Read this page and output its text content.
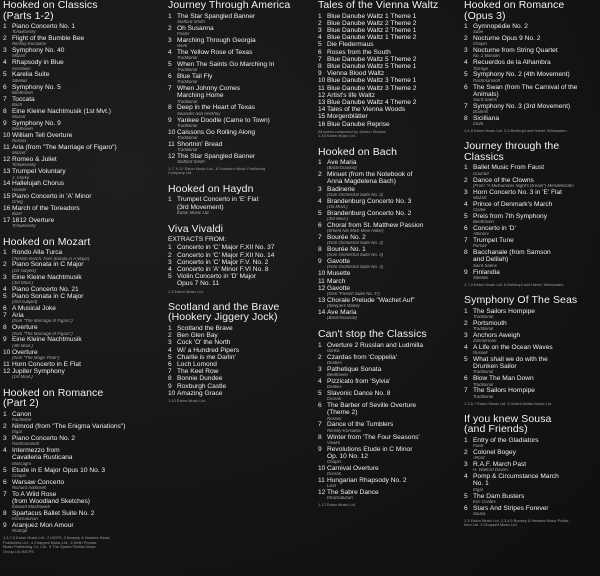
Hooked on Classics
(Parts 1-2)
1 Piano Concerto No. 1
Tchaikovsky
2 Flight of the Bumble Bee
Rimsky-Korsakov
3 Symphony No. 40
Mozart
4 Rhapsody in Blue
Gershwin
5 Karelia Suite
Sibelius
6 Symphony No. 5
Beethoven
7 Toccata
Bach
8 Eine Kleine Nachtmusik (1st Mvt.)
Mozart
9 Symphony No. 9
Beethoven
10 William Tell Overture
Rossini
11 Aria (from "The Marriage of Figaro")
Mozart
12 Romeo & Juliet
Tchaikovsky
13 Trumpet Voluntary
J. Clarke
14 Hallelujah Chorus
Handel
15 Piano Concerto in 'A' Minor
Grieg
16 March of the Toreadors
Bizet
17 1812 Overture
Tchaikovsky
Hooked on Mozart
1 Rondo Alla Turca
(Turkish march, from Sonata in A Major)
2 Piano Sonata in C Major
(1st subject)
3 Eine Kleine Nachtmusik
(3rd Movt.)
4 Piano Concerto No. 21
5 Piano Sonata in C Major
(2nd subject)
6 A Musical Joke
7 Aria
(from "The Marriage of Figaro")
8 Overture
(from "The Marriage of Figaro")
9 Eine Kleine Nachtmusik
(4th Movt.)
10 Overture
(from "The Magic Flute")
11 Horn Concerto in E Flat
12 Jupiter Symphony
(1st Movt.)
Hooked on Romance
(Part 2)
1 Canon
Pachelbel
2 Nimrod (from "The Enigma Variations")
Elgar
3 Piano Concerto No. 2
Rachmaninoff
4 Intermezzo from
Cavalleria Rusticana
Mascagni
5 Etude in E Major Opus 10 No. 3
Chopin
6 Warsaw Concerto
Richard Addinsell
7 To A Wild Rose
(from Woodland Sketches)
Edward MacDowell
8 Spartacus Ballet Suite No. 2
Khachaturian
9 Aranjuez Mon Amour
Rodrigo
1,3,7,8 Eaton Music Ltd., 2 MCPS, 3 Boosey & Hawkes Music
Publishers Ltd., 4 Chappell Music Ltd., 6 Keith Prowse
Music Publishing Co. Ltd., 9 The Sparta Florida Music
Group Ltd./MCPS.
Journey Through America
1 The Star Spangled Banner
Stafford Smith
2 Oh Susanna
Foster
3 Marching Through Georgia
Work
4 The Yellow Rose of Texas
Traditional
5 When The Saints Go Marching In
Traditional
6 Blue Tail Fly
Traditional
7 When Johnny Comes
Marching Home
Traditional
8 Deep in the Heart of Texas
Swander and Hershey
9 Yankee Doodle (Came to Town)
Traditional
10 Caissons Go Rolling Along
Traditional
11 Shortnin' Bread
Traditional
12 The Star Spangled Banner
Stafford Smith
1-7, 9-12 Eaton Music Ltd., 8 Southern Music Publishing
Company Ltd.
Hooked on Haydn
1 Trumpet Concerto in 'E' Flat
(3rd Movement)
Eaton Music Ltd.
Viva Vivaldi
EXTRACTS FROM:
1 Concerto in 'C' Major F.XII No. 37
2 Concerto in 'C' Major F.XII No. 14
3 Concerto in 'C' Major F.V. No. 2
4 Concerto in 'A' Minor F.VI No. 8
5 Violin Concerto in 'D' Major
Opus 7 No. 11
1-5 Eaton Music Ltd.
Scotland and the Brave
(Hookery Jiggery Jock)
1 Scotland the Brave
2 Ben Glen Bay
3 Cock 'O' the North
4 Wi' a Hundred Pipers
5 Charlie is me Darlin'
6 Loch Lomond
7 The Keel Row
8 Bonnie Dundee
9 Roxburgh Castle
10 Amazing Grace
1-10 Eaton Music Ltd.
Tales of the Vienna Waltz
1 Blue Danube Waltz 1 Theme 1
2 Blue Danube Waltz 2 Theme 2
3 Blue Danube Waltz 2 Theme 1
4 Blue Danube Waltz 1 Theme 2
5 Die Fledermaus
6 Roses from the South
7 Blue Danube Waltz 5 Theme 2
8 Blue Danube Waltz 5 Theme 1
9 Vienna Blood Waltz
10 Blue Danube Waltz 3 Theme 1
11 Blue Danube Waltz 3 Theme 2
12 Artist's life Waltz
13 Blue Danube Waltz 4 Theme 2
14 Tales of the Vienna Woods
15 Morgenblätter
16 Blue Danube Reprise
All works composed by Johann Strauss
1-16 Eaton Music Ltd.
Hooked on Bach
1 Ave Maria
(Bach/Gounod)
2 Minuet (from the Notebook of
Anna Magdelena Bach)
3 Badinerie
(from Orchestral Suite No. 2)
4 Brandenburg Concerto No. 3
(1st Movt.)
5 Brandenburg Concerto No. 2
(3rd Movt.)
6 Choral from St. Matthew Passion
(Erkent Nie Mich Mein Hüter)
7 Bourée No. 2
(from Orchestral Suite No. 2)
8 Bourée No. 1
(from Orchestral Suite No. 2)
9 Gavotte
(from Orchestral Suite No. 3)
10 Musette
11 March
12 Gavotte
(from "French Suite No. 5")
13 Chorale Prelude "Wachet Auf"
(Sleepers Wake)
14 Ave Maria
(Bach/Gounod)
Can't stop the Classics
1 Overture 2 Russlan and Ludmilla
Glinka
2 Czardas from 'Coppelia'
Delibes
3 Pathetique Sonata
Beethoven
4 Pizzicato from 'Sylvia'
Delibes
5 Slavonic Dance No. 8
Dvorak
6 The Barber of Seville Overture
(Theme 2)
Rossini
7 Dance of the Tumblers
Rimsky-Korsakov
8 Winter from 'The Four Seasons'
Vivaldi
9 Revolutions Etude in C Minor
Op. 10 No. 12
Chopin
10 Carnival Overture
Dvorak
11 Hungarian Rhapsody No. 2
Liszt
12 The Sabre Dance
Khachaturian
1-12 Eaton Music Ltd.
Hooked on Romance
(Opus 3)
1 Gymnopédie No. 2
Satie
2 Nocturne Opus 9 No. 2
Chopin
3 Nocturne from String Quartet
No. 2 Borodin
4 Recuerdos de la Alhambra
Tarrega
5 Symphony No. 2 (4th Movement)
Rachmaninoff
6 The Swan (from The Carnival of the
Animals)
Saint-Saëns
7 Symphony No. 3 (3rd Movement)
Brahms
8 Sicilliana
Clark
1,4-8 Eaton Music Ltd. 2,3 Breitkopf and Hartel, Wiesbaden.
Journey through the
Classics
1 Ballet Music From Faust
Gounod
2 Dance of the Clowns
(From "A Midsummer Night's Dream") Mendelssohn
3 Horn Concerto No. 3 in 'E' Flat
Mozart
4 Prince of Denmark's March
Clarke
5 Preis from 7th Symphony
Beethoven
6 Concerto in 'D'
Albinoni
7 Trumpet Tune
Purcell
8 Bacchanale (from Samson
and Delilah)
Saint-Saëns
9 Finlandia
Sibelius
1-7,9 Eaton Music Ltd. 8 Breitkopf and Hartel, Wiesbaden.
Symphony Of The Seas
1 The Sailors Hornpipe
Traditional
2 Portsmouth
Traditional
3 Anchors Aweigh
Zimmerman
4 A Life on the Ocean Waves
Russell
5 What shall we do with the
Drunken Sailor
Traditional
6 Blow The Man Down
Traditional
7 The Sailors Hornpipe
Traditional
1,2,6-7 Eaton Music Ltd. 3 United Artists Music Ltd.
If you knew Sousa
(and Friends)
1 Entry of the Gladiators
Fucik
2 Colonel Bogey
Alford
3 R.A.F. March Past
H. Walford Davies
4 Pomp & Circumstance March
No. 1
Elgar
5 The Dam Busters
Eric Coates
6 Stars And Stripes Forever
Sousa
1-5 Eaton Music Ltd. 2,3,4,5 Boosey & Hawkes Music Publis-
hers Ltd. 3 Chappell Music Ltd.
